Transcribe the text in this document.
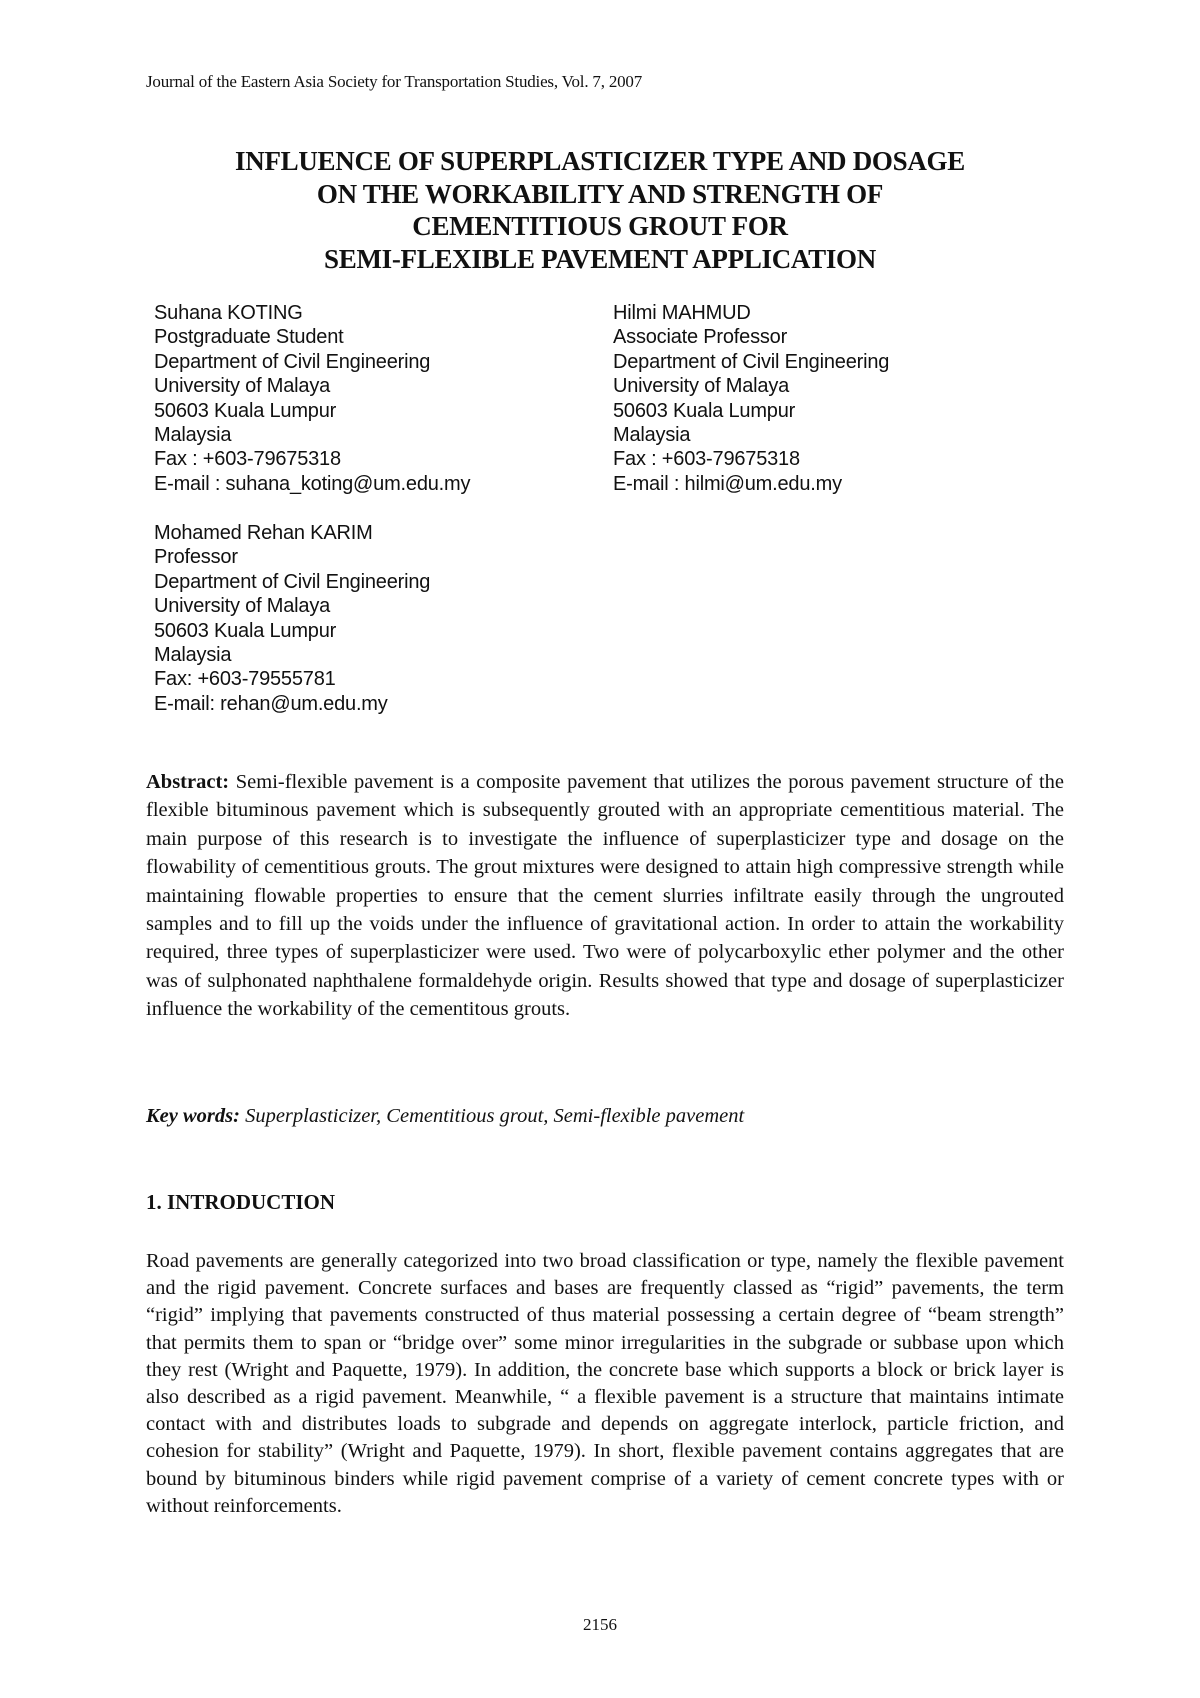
Journal of the Eastern Asia Society for Transportation Studies, Vol. 7, 2007
INFLUENCE OF SUPERPLASTICIZER TYPE AND DOSAGE
ON THE WORKABILITY AND STRENGTH OF
CEMENTITIOUS GROUT FOR
SEMI-FLEXIBLE PAVEMENT APPLICATION
Suhana KOTING
Postgraduate Student
Department of Civil Engineering
University of Malaya
50603 Kuala Lumpur
Malaysia
Fax : +603-79675318
E-mail : suhana_koting@um.edu.my
Hilmi MAHMUD
Associate Professor
Department of Civil Engineering
University of Malaya
50603 Kuala Lumpur
Malaysia
Fax : +603-79675318
E-mail : hilmi@um.edu.my
Mohamed Rehan KARIM
Professor
Department of Civil Engineering
University of Malaya
50603 Kuala Lumpur
Malaysia
Fax: +603-79555781
E-mail: rehan@um.edu.my
Abstract: Semi-flexible pavement is a composite pavement that utilizes the porous pavement structure of the flexible bituminous pavement which is subsequently grouted with an appropriate cementitious material. The main purpose of this research is to investigate the influence of superplasticizer type and dosage on the flowability of cementitious grouts. The grout mixtures were designed to attain high compressive strength while maintaining flowable properties to ensure that the cement slurries infiltrate easily through the ungrouted samples and to fill up the voids under the influence of gravitational action. In order to attain the workability required, three types of superplasticizer were used. Two were of polycarboxylic ether polymer and the other was of sulphonated naphthalene formaldehyde origin. Results showed that type and dosage of superplasticizer influence the workability of the cementitous grouts.
Key words: Superplasticizer, Cementitious grout, Semi-flexible pavement
1. INTRODUCTION
Road pavements are generally categorized into two broad classification or type, namely the flexible pavement and the rigid pavement. Concrete surfaces and bases are frequently classed as “rigid” pavements, the term “rigid” implying that pavements constructed of thus material possessing a certain degree of “beam strength” that permits them to span or “bridge over” some minor irregularities in the subgrade or subbase upon which they rest (Wright and Paquette, 1979). In addition, the concrete base which supports a block or brick layer is also described as a rigid pavement. Meanwhile, “ a flexible pavement is a structure that maintains intimate contact with and distributes loads to subgrade and depends on aggregate interlock, particle friction, and cohesion for stability” (Wright and Paquette, 1979). In short, flexible pavement contains aggregates that are bound by bituminous binders while rigid pavement comprise of a variety of cement concrete types with or without reinforcements.
2156
